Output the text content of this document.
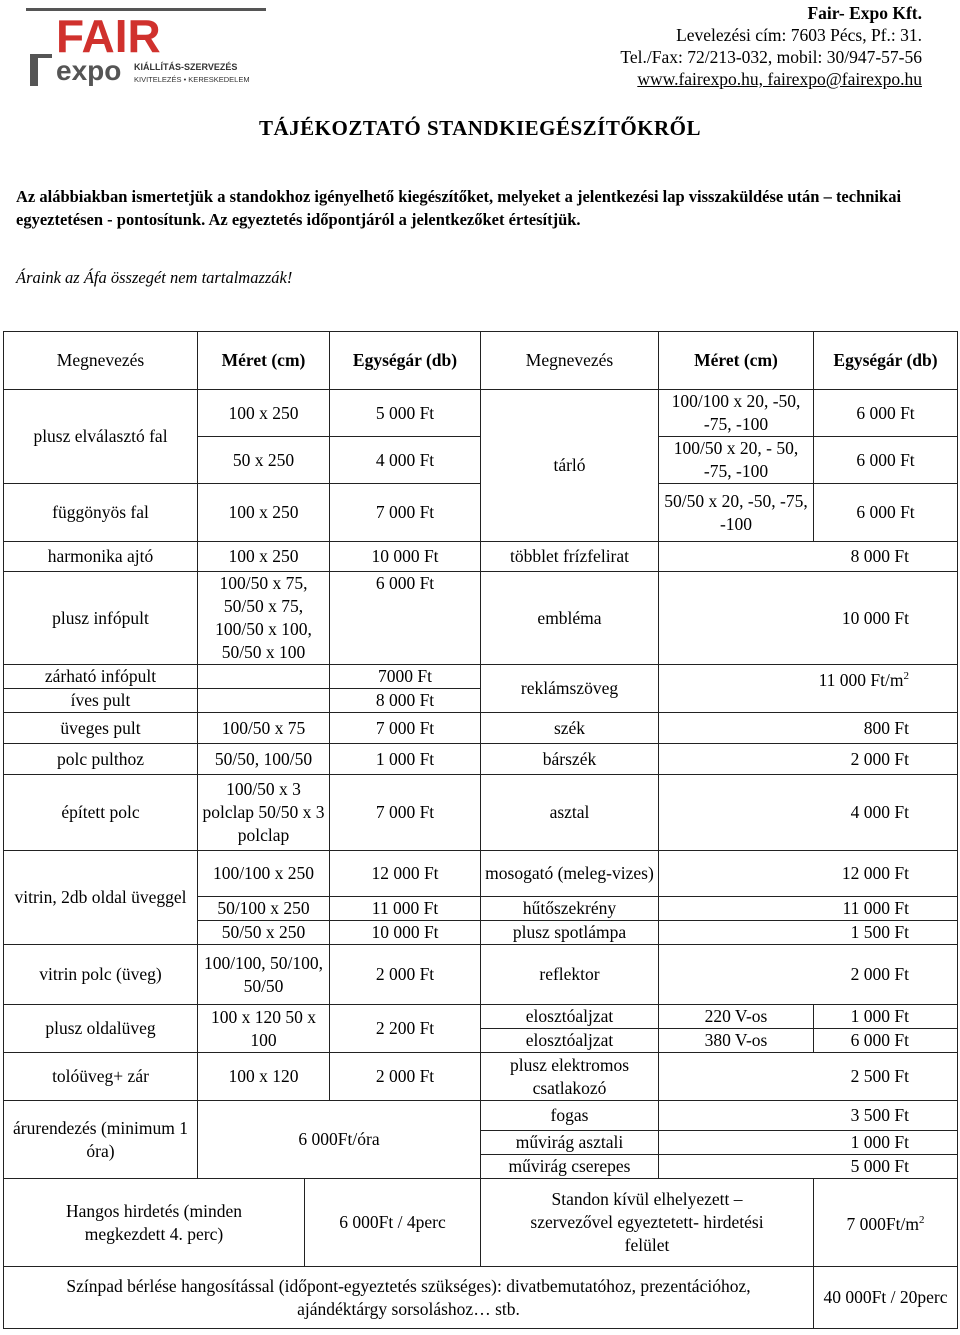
FAIR
expo KIÁLLÍTÁS-SZERVEZÉS
KIVITELEZÉS • KERESKEDELEM
Fair- Expo Kft.
Levelezési cím: 7603 Pécs, Pf.: 31.
Tel./Fax: 72/213-032, mobil: 30/947-57-56
www.fairexpo.hu, fairexpo@fairexpo.hu
TÁJÉKOZTATÓ STANDKIEGÉSZÍTŐKRŐL
Az alábbiakban ismertetjük a standokhoz igényelhető kiegészítőket, melyeket a jelentkezési lap visszaküldése után – technikai egyeztetésen - pontosítunk. Az egyeztetés időpontjáról a jelentkezőket értesítjük.
Áraink az Áfa összegét nem tartalmazzák!
Megnevezés	Méret (cm)		Egységár (db)	Megnevezés	Méret (cm)	Egységár (db)
plusz elválasztó fal	100 x 250		5 000 Ft	tárló	100/100 x 20, -50, -75, -100	6 000 Ft
	50 x 250		4 000 Ft		100/50 x 20, - 50, -75, -100	6 000 Ft
függönyös fal	100 x 250		7 000 Ft		50/50 x 20, -50, -75, -100	6 000 Ft
harmonika ajtó	100 x 250		10 000 Ft	többlet frízfelirat	8 000 Ft	
plusz infópult	100/50 x 75, 50/50 x 75, 100/50 x 100, 50/50 x 100		6 000 Ft	embléma	10 000 Ft	
zárható infópult			7000 Ft	reklámszöveg	11 000 $Ft/m^2$
íves pult			8 000 Ft			
üveges pult	100/50 x 75		7 000 Ft	szék	800 Ft	
polc pulthoz	50/50, 100/50		1 000 Ft	bárszék	2 000 Ft	
épített polc	100/50 x 3 polclap 50/50 x 3 polclap		7 000 Ft	asztal	4 000 Ft	
vitrin, 2db oldal üveggel	100/100 x 250		12 000 Ft	mosogató (meleg-vizes)	12 000 Ft	
	50/100 x 250		11 000 Ft	hűtőszekrény	11 000 Ft	
	50/50 x 250		10 000 Ft	plusz spotlámpa	1 500 Ft	
vitrin polc (üveg)	100/100, 50/100, 50/50		2 000 Ft	reflektor	2 000 Ft	
plusz oldalüveg	100 x 120 50 x 100		2 200 Ft	elosztóaljzat	220 V-os	1 000 Ft
				elosztóaljzat	380 V-os	6 000 Ft
tolóüveg+ zár	100 x 120		2 000 Ft	plusz elektromos csatlakozó	2 500 Ft	
árurendezés (minimum 1 óra)	6 000Ft/óra			fogas	3 500 Ft	
				művirág asztali	1 000 Ft	
				művirág cserepes	5 000 Ft	
Hangos hirdetés (minden megkezdett 4. perc)		6 000Ft / 4perc		Standon kívül elhelyezett –szervezővel egyeztetett- hirdetési felület		7 $000Ft/m^2$
Színpad bérlése hangosítással (időpont-egyeztetés szükséges): divatbemutatóhoz, prezentációhoz, ajándéktárgy sorsoláshoz… stb.						40 000Ft / 20perc
